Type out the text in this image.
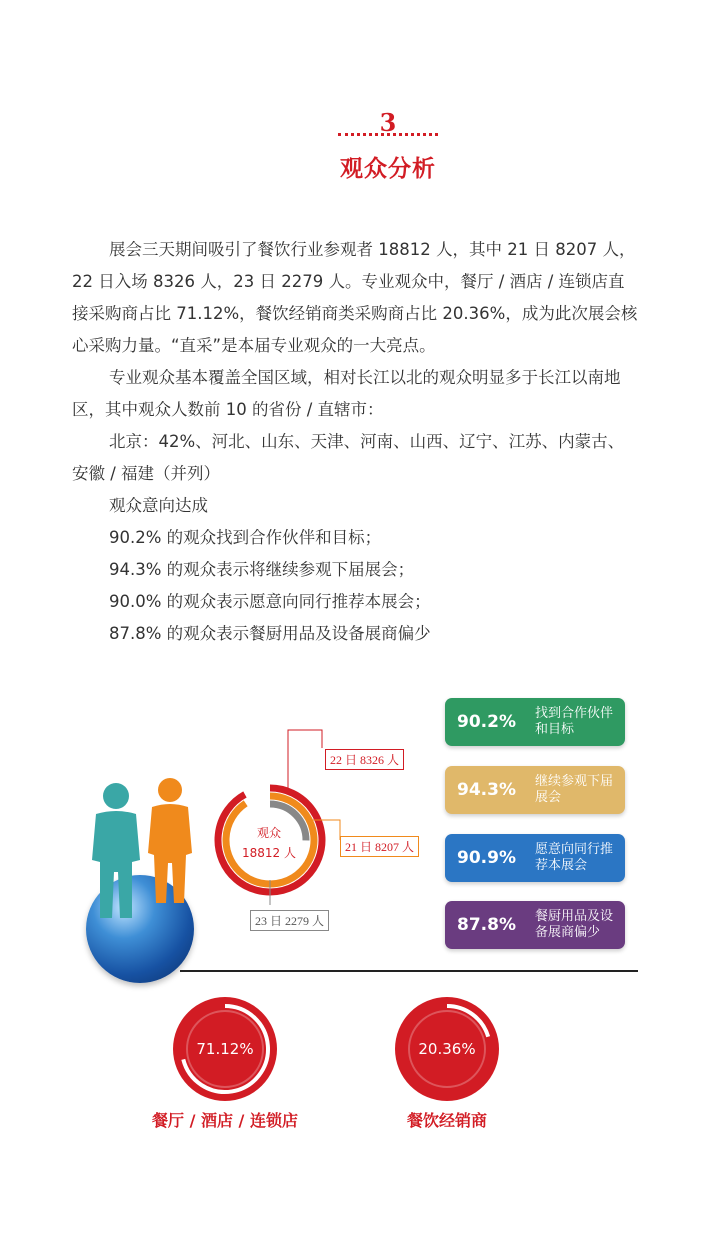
3
观众分析

展会三天期间吸引了餐饮行业参观者 18812 人，其中 21 日 8207 人，22 日入场 8326 人，23 日 2279 人。专业观众中，餐厅 / 酒店 / 连锁店直接采购商占比 71.12%，餐饮经销商类采购商占比 20.36%，成为此次展会核心采购力量。“直采”是本届专业观众的一大亮点。

专业观众基本覆盖全国区域，相对长江以北的观众明显多于长江以南地区，其中观众人数前 10 的省份 / 直辖市：

北京：42%、河北、山东、天津、河南、山西、辽宁、江苏、内蒙古、安徽 / 福建（并列）

观众意向达成

90.2% 的观众找到合作伙伴和目标；

94.3% 的观众表示将继续参观下届展会；

90.0% 的观众表示愿意向同行推荐本展会；

87.8% 的观众表示餐厨用品及设备展商偏少

观众
18812 人
22 日 8326 人
21 日 8207 人
23 日 2279 人
90.2% 找到合作伙伴和目标
94.3% 继续参观下届展会
90.9% 愿意向同行推荐本展会
87.8% 餐厨用品及设备展商偏少
71.12%
餐厅 / 酒店 / 连锁店
20.36%
餐饮经销商
